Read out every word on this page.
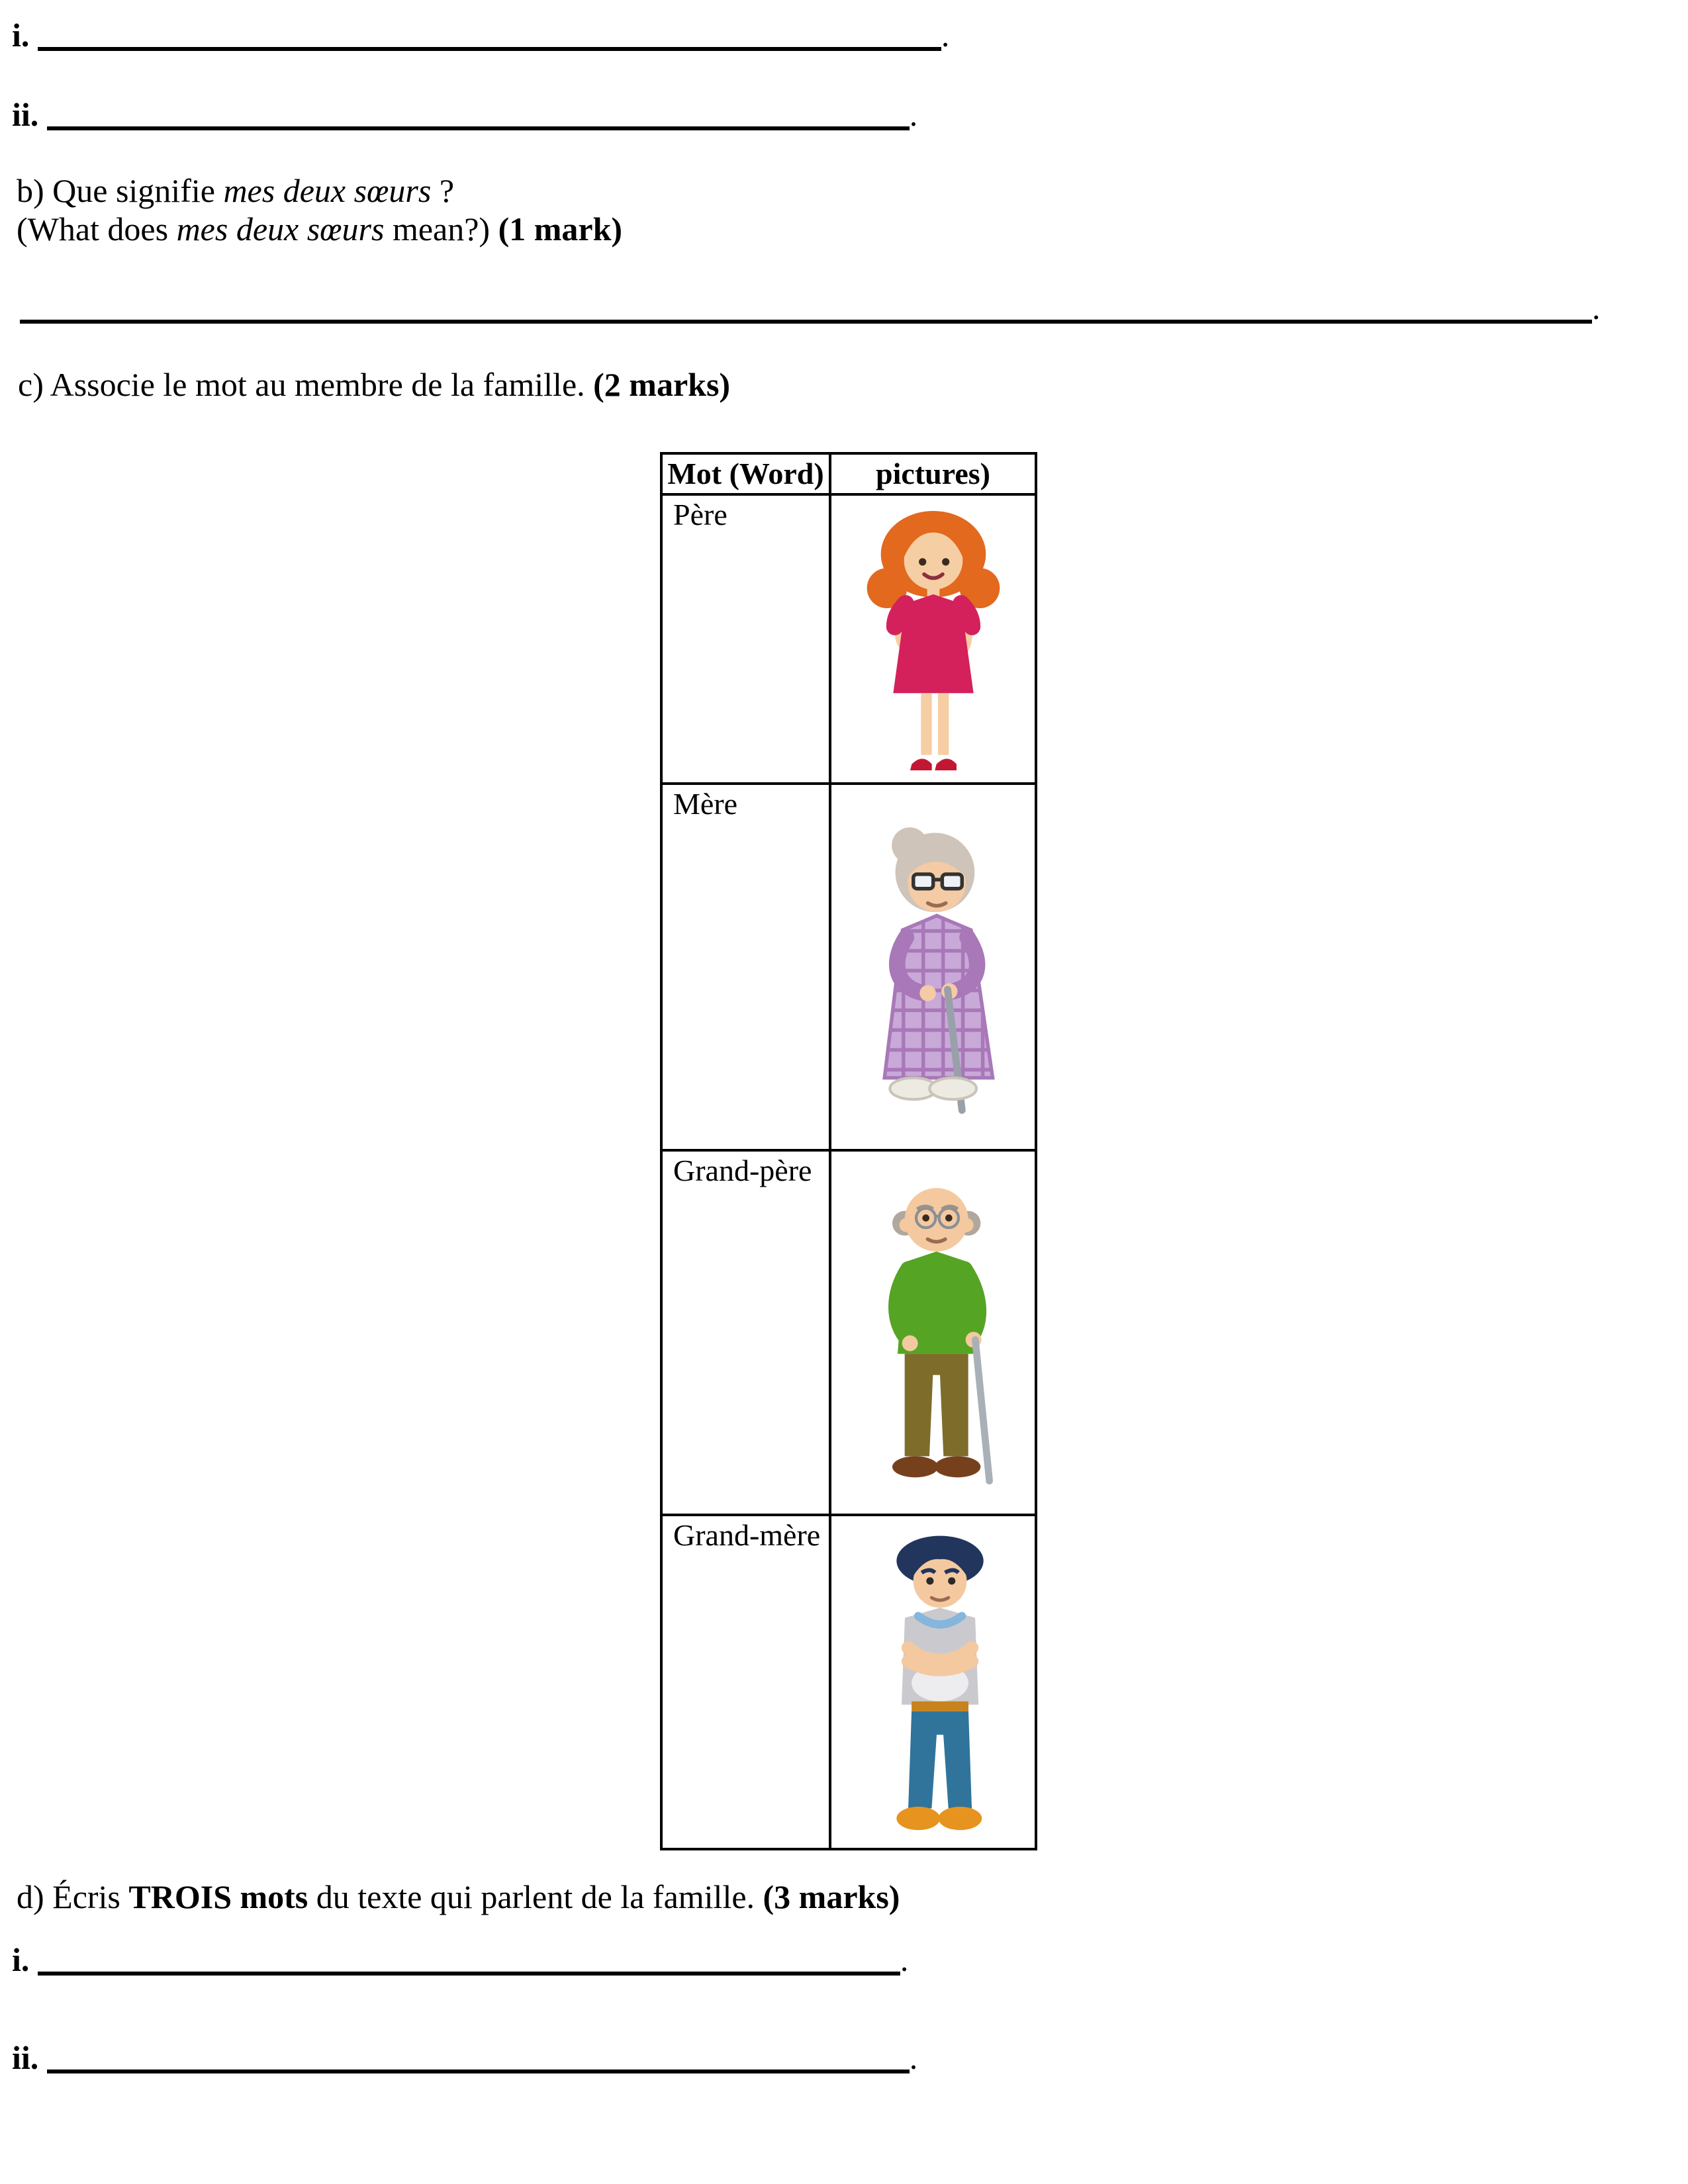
i.	.
ii.	.
b) Que signifie mes deux sœurs ?
(What does mes deux sœurs mean?) (1 mark)
.
c) Associe le mot au membre de la famille. (2 marks)
Mot (Word)	pictures)
Père	
Mère	
Grand-père	
Grand-mère	
d) Écris TROIS mots du texte qui parlent de la famille. (3 marks)
i.	.
ii.	.
